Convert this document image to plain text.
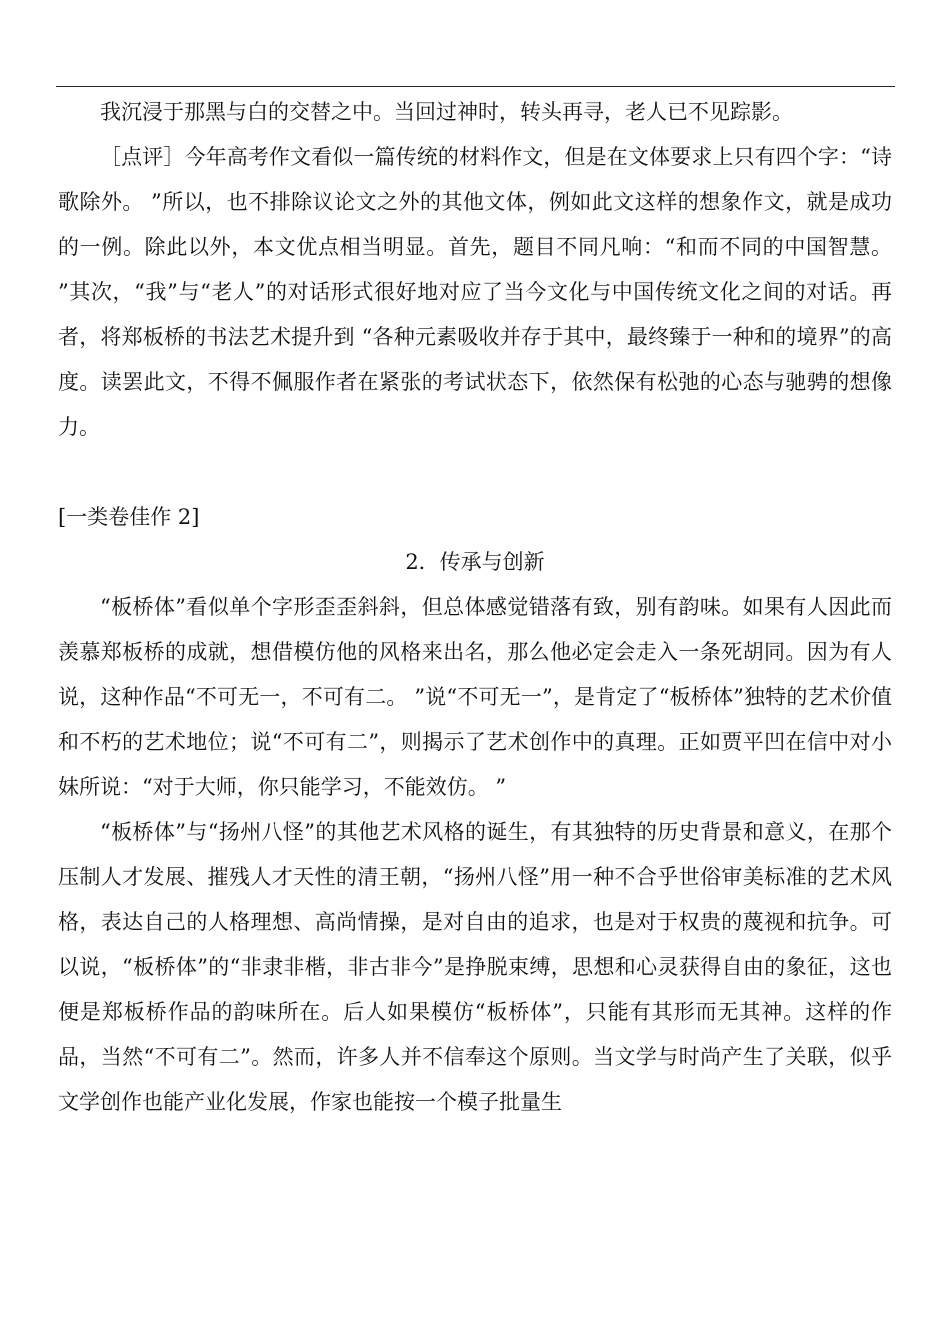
我沉浸于那黑与白的交替之中。当回过神时，转头再寻，老人已不见踪影。

［点评］今年高考作文看似一篇传统的材料作文，但是在文体要求上只有四个字：“诗歌除外。 ”所以，也不排除议论文之外的其他文体，例如此文这样的想象作文，就是成功的一例。除此以外，本文优点相当明显。首先，题目不同凡响：“和而不同的中国智慧。 ”其次，“我”与“老人”的对话形式很好地对应了当今文化与中国传统文化之间的对话。再者，将郑板桥的书法艺术提升到 “各种元素吸收并存于其中，最终臻于一种和的境界”的高度。读罢此文，不得不佩服作者在紧张的考试状态下，依然保有松弛的心态与驰骋的想像力。

[一类卷佳作 2]

2．传承与创新

“板桥体”看似单个字形歪歪斜斜，但总体感觉错落有致，别有韵味。如果有人因此而羡慕郑板桥的成就，想借模仿他的风格来出名，那么他必定会走入一条死胡同。因为有人说，这种作品“不可无一，不可有二。 ”说“不可无一”，是肯定了“板桥体”独特的艺术价值和不朽的艺术地位；说“不可有二”，则揭示了艺术创作中的真理。正如贾平凹在信中对小妹所说：“对于大师，你只能学习，不能效仿。 ”

“板桥体”与“扬州八怪”的其他艺术风格的诞生，有其独特的历史背景和意义，在那个压制人才发展、摧残人才天性的清王朝，“扬州八怪”用一种不合乎世俗审美标准的艺术风格，表达自己的人格理想、高尚情操，是对自由的追求，也是对于权贵的蔑视和抗争。可以说，“板桥体”的“非隶非楷，非古非今”是挣脱束缚，思想和心灵获得自由的象征，这也便是郑板桥作品的韵味所在。后人如果模仿“板桥体”，只能有其形而无其神。这样的作品，当然“不可有二”。然而，许多人并不信奉这个原则。当文学与时尚产生了关联，似乎文学创作也能产业化发展，作家也能按一个模子批量生
